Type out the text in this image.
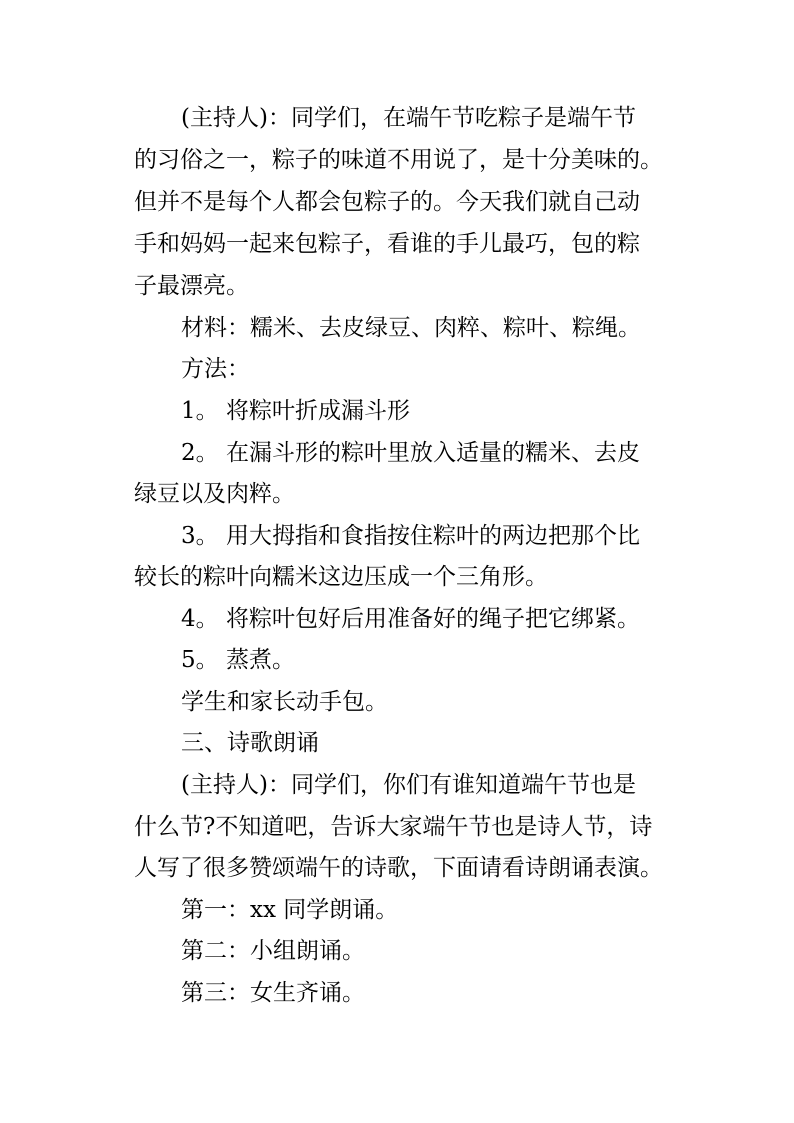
(主持人)：同学们，在端午节吃粽子是端午节
的习俗之一，粽子的味道不用说了，是十分美味的。
但并不是每个人都会包粽子的。今天我们就自己动
手和妈妈一起来包粽子，看谁的手儿最巧，包的粽
子最漂亮。
材料：糯米、去皮绿豆、肉粹、粽叶、粽绳。
方法：
1。 将粽叶折成漏斗形
2。 在漏斗形的粽叶里放入适量的糯米、去皮
绿豆以及肉粹。
3。 用大拇指和食指按住粽叶的两边把那个比
较长的粽叶向糯米这边压成一个三角形。
4。 将粽叶包好后用准备好的绳子把它绑紧。
5。 蒸煮。
学生和家长动手包。
三、诗歌朗诵
(主持人)：同学们，你们有谁知道端午节也是
什么节?不知道吧，告诉大家端午节也是诗人节，诗
人写了很多赞颂端午的诗歌，下面请看诗朗诵表演。
第一：xx 同学朗诵。
第二：小组朗诵。
第三：女生齐诵。
